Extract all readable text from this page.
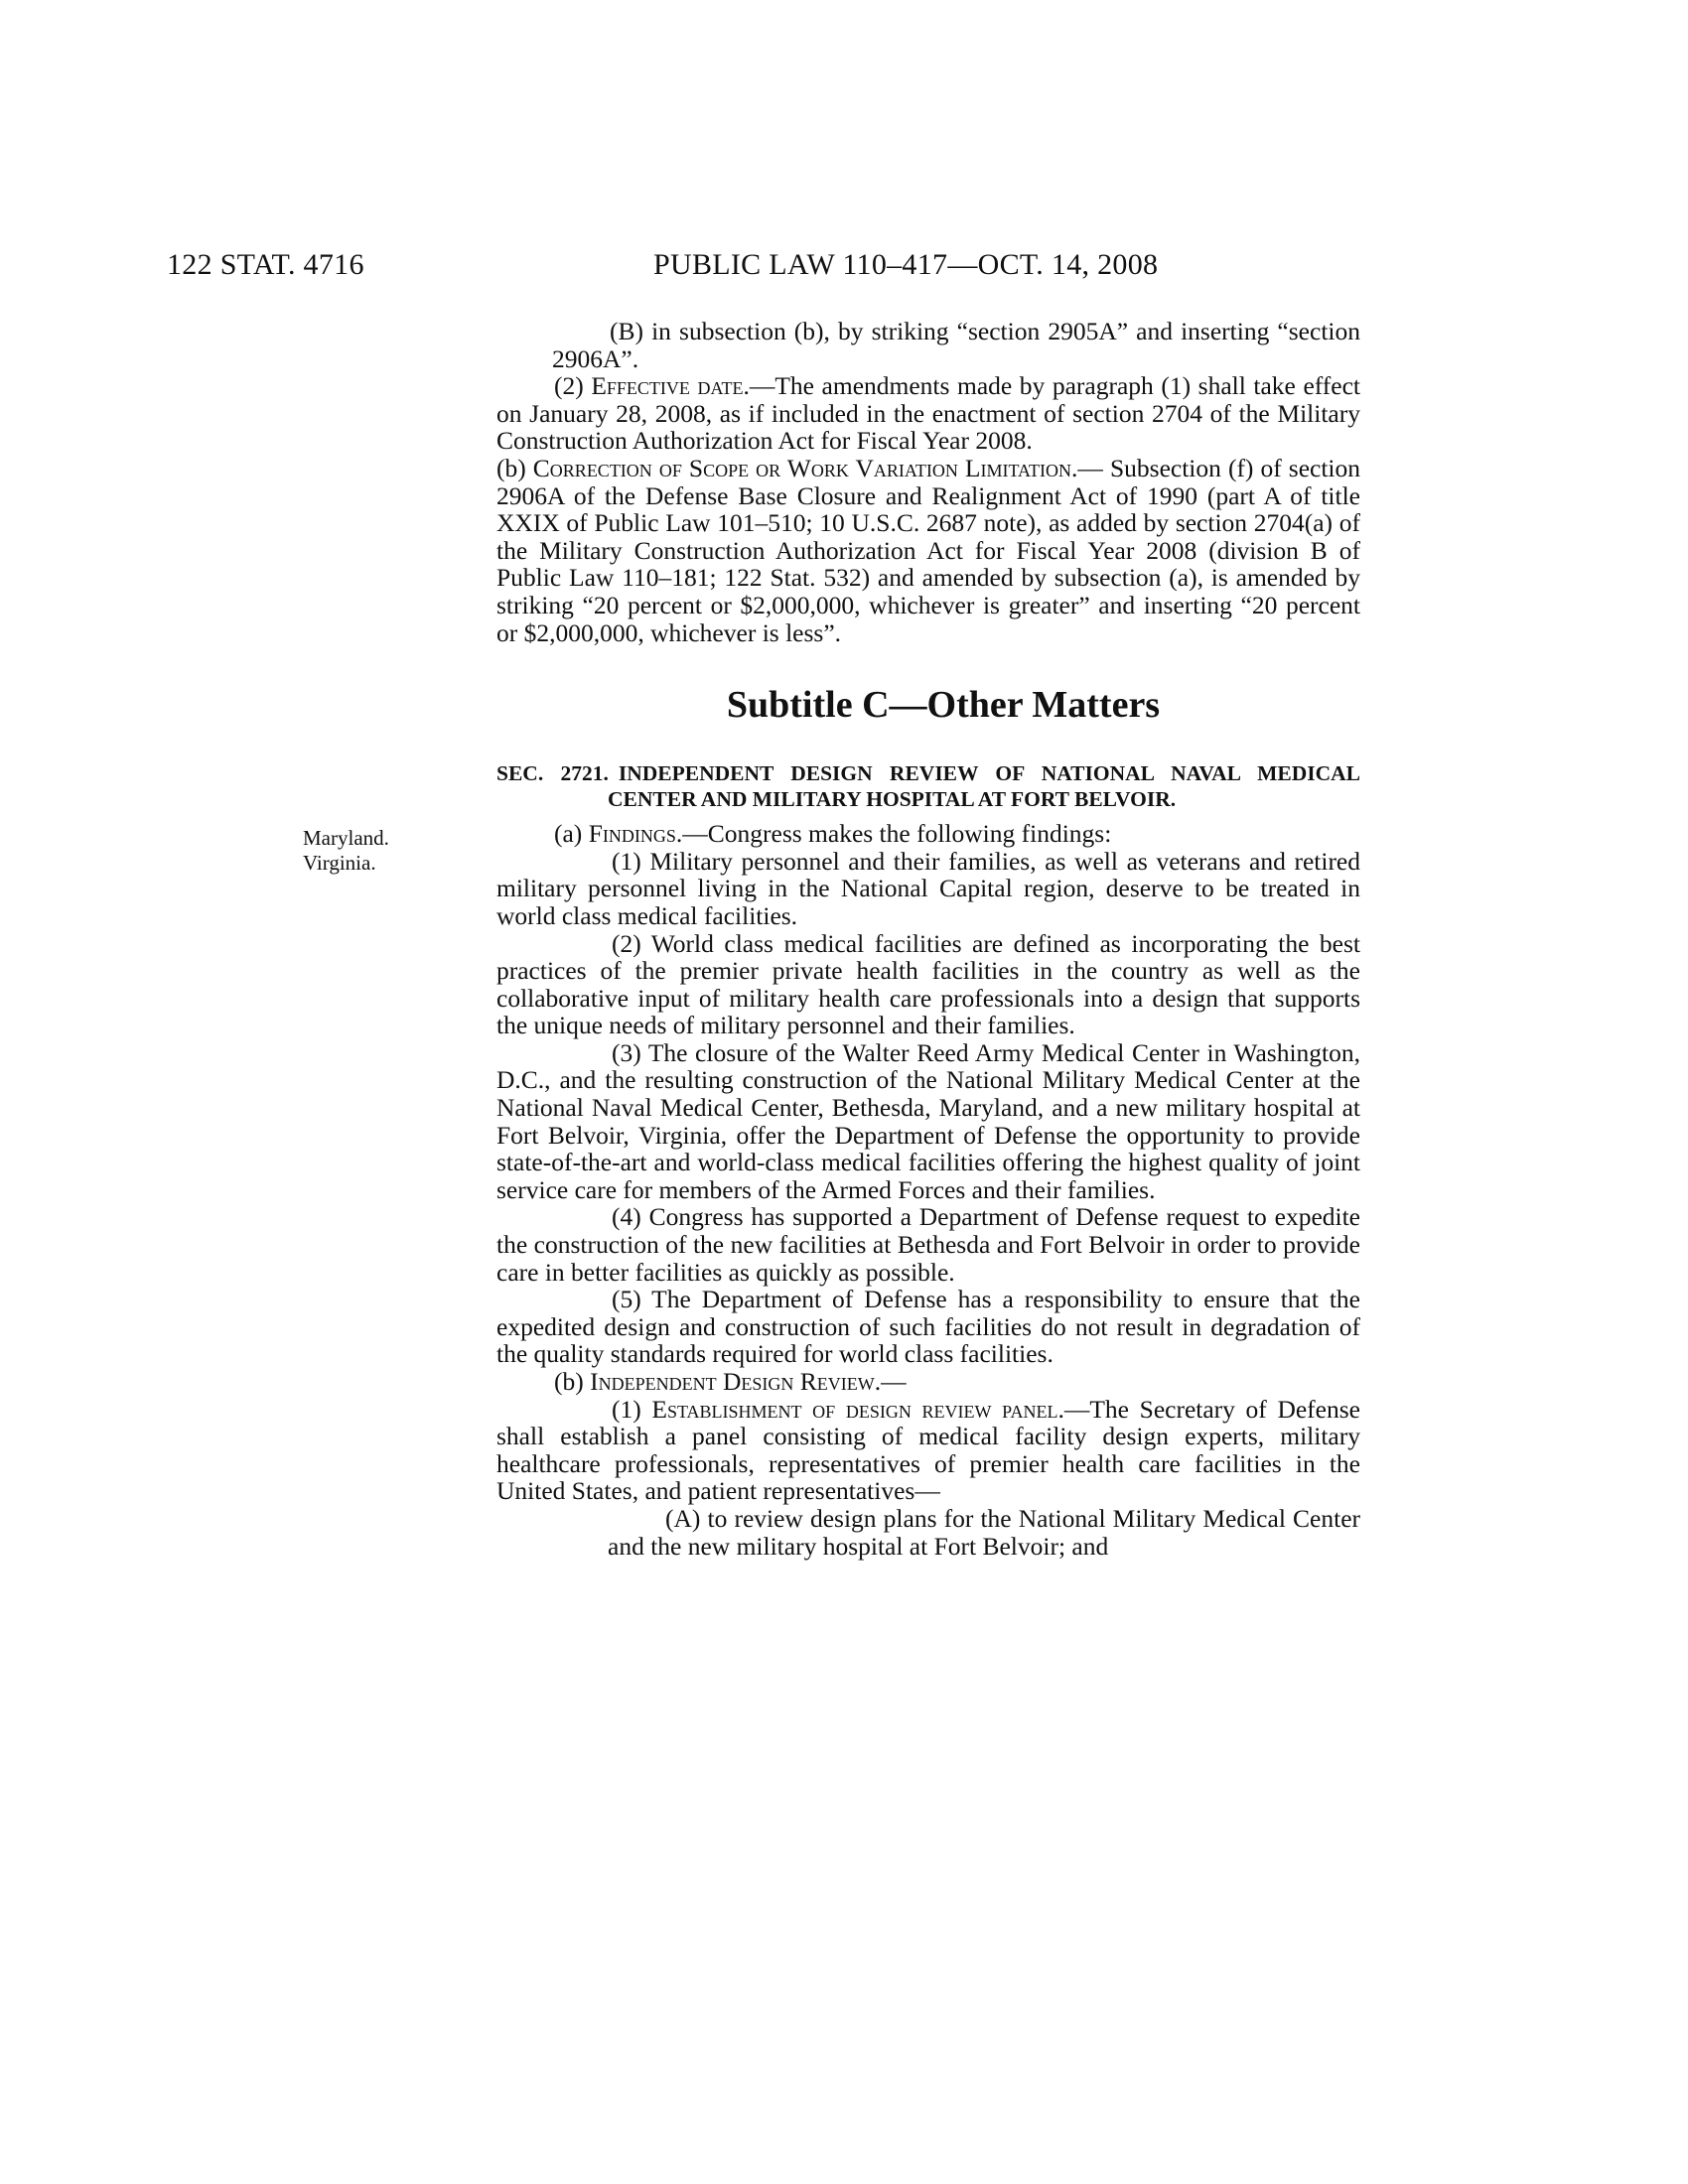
122 STAT. 4716	PUBLIC LAW 110–417—OCT. 14, 2008
Maryland.
Virginia.

(B) in subsection (b), by striking “section 2905A” and inserting “section 2906A”.

(2) Effective date.—The amendments made by paragraph (1) shall take effect on January 28, 2008, as if included in the enactment of section 2704 of the Military Construction Authorization Act for Fiscal Year 2008.

(b) Correction of Scope or Work Variation Limitation.— Subsection (f) of section 2906A of the Defense Base Closure and Realignment Act of 1990 (part A of title XXIX of Public Law 101–510; 10 U.S.C. 2687 note), as added by section 2704(a) of the Military Construction Authorization Act for Fiscal Year 2008 (division B of Public Law 110–181; 122 Stat. 532) and amended by subsection (a), is amended by striking “20 percent or $2,000,000, whichever is greater” and inserting “20 percent or $2,000,000, whichever is less”.

Subtitle C—Other Matters

SEC. 2721. INDEPENDENT DESIGN REVIEW OF NATIONAL NAVAL MEDICAL CENTER AND MILITARY HOSPITAL AT FORT BELVOIR.

(a) Findings.—Congress makes the following findings:

(1) Military personnel and their families, as well as veterans and retired military personnel living in the National Capital region, deserve to be treated in world class medical facilities.

(2) World class medical facilities are defined as incorporating the best practices of the premier private health facilities in the country as well as the collaborative input of military health care professionals into a design that supports the unique needs of military personnel and their families.

(3) The closure of the Walter Reed Army Medical Center in Washington, D.C., and the resulting construction of the National Military Medical Center at the National Naval Medical Center, Bethesda, Maryland, and a new military hospital at Fort Belvoir, Virginia, offer the Department of Defense the opportunity to provide state-of-the-art and world-class medical facilities offering the highest quality of joint service care for members of the Armed Forces and their families.

(4) Congress has supported a Department of Defense request to expedite the construction of the new facilities at Bethesda and Fort Belvoir in order to provide care in better facilities as quickly as possible.

(5) The Department of Defense has a responsibility to ensure that the expedited design and construction of such facilities do not result in degradation of the quality standards required for world class facilities.

(b) Independent Design Review.—

(1) Establishment of design review panel.—The Secretary of Defense shall establish a panel consisting of medical facility design experts, military healthcare professionals, representatives of premier health care facilities in the United States, and patient representatives—

(A) to review design plans for the National Military Medical Center and the new military hospital at Fort Belvoir; and
